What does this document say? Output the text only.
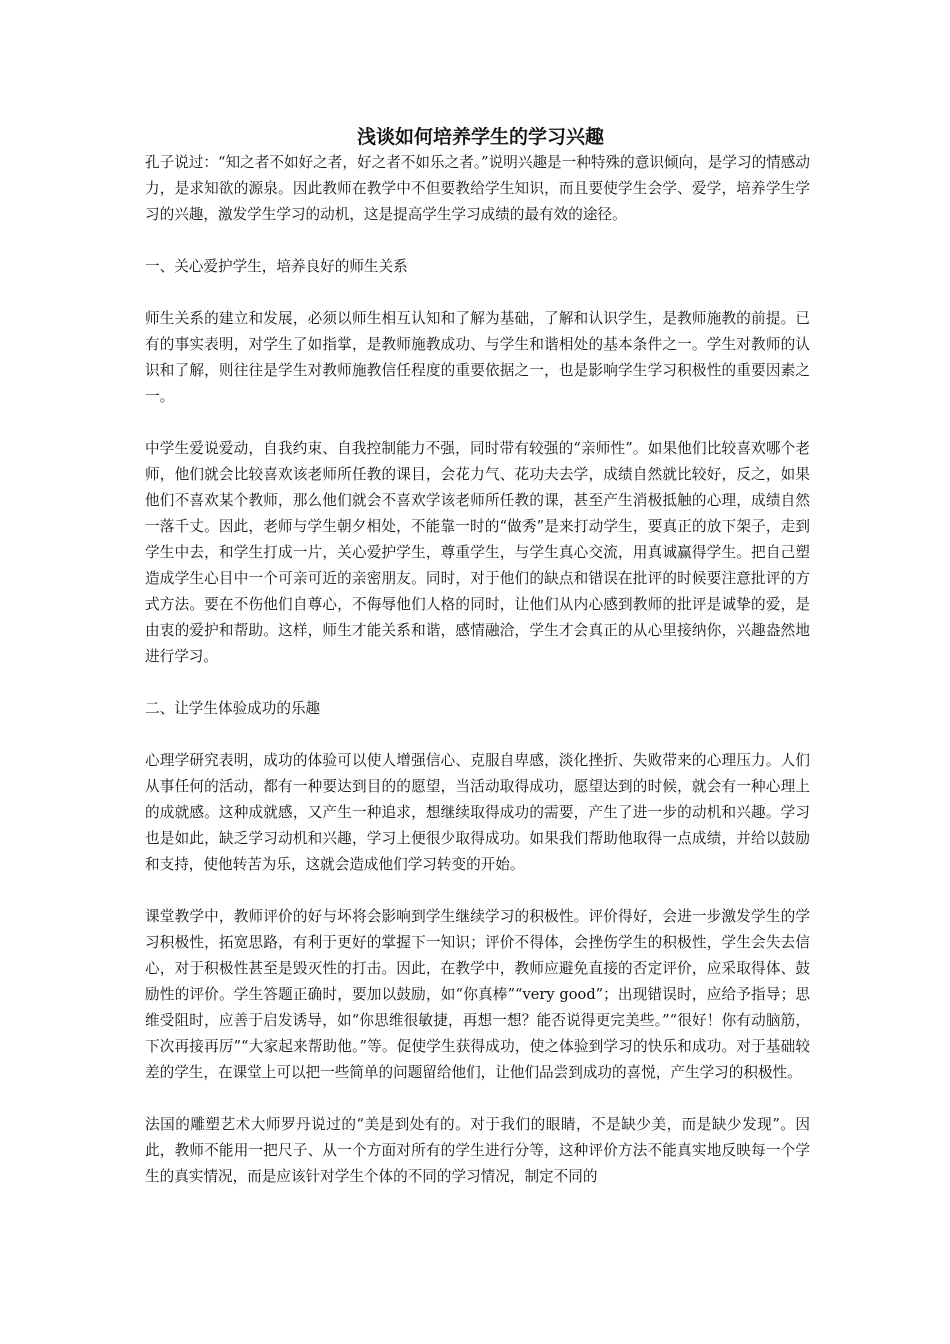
浅谈如何培养学生的学习兴趣

孔子说过：“知之者不如好之者，好之者不如乐之者。”说明兴趣是一种特殊的意识倾向，是学习的情感动力，是求知欲的源泉。因此教师在教学中不但要教给学生知识，而且要使学生会学、爱学，培养学生学习的兴趣，激发学生学习的动机，这是提高学生学习成绩的最有效的途径。

一、关心爱护学生，培养良好的师生关系

师生关系的建立和发展，必须以师生相互认知和了解为基础，了解和认识学生，是教师施教的前提。已有的事实表明，对学生了如指掌，是教师施教成功、与学生和谐相处的基本条件之一。学生对教师的认识和了解，则往往是学生对教师施教信任程度的重要依据之一，也是影响学生学习积极性的重要因素之一。

中学生爱说爱动，自我约束、自我控制能力不强，同时带有较强的“亲师性”。如果他们比较喜欢哪个老师，他们就会比较喜欢该老师所任教的课目，会花力气、花功夫去学，成绩自然就比较好，反之，如果他们不喜欢某个教师，那么他们就会不喜欢学该老师所任教的课，甚至产生消极抵触的心理，成绩自然一落千丈。因此，老师与学生朝夕相处，不能靠一时的“做秀”是来打动学生，要真正的放下架子，走到学生中去，和学生打成一片，关心爱护学生，尊重学生，与学生真心交流，用真诚赢得学生。把自己塑造成学生心目中一个可亲可近的亲密朋友。同时，对于他们的缺点和错误在批评的时候要注意批评的方式方法。要在不伤他们自尊心，不侮辱他们人格的同时，让他们从内心感到教师的批评是诚挚的爱，是由衷的爱护和帮助。这样，师生才能关系和谐，感情融洽，学生才会真正的从心里接纳你，兴趣盎然地进行学习。

二、让学生体验成功的乐趣

心理学研究表明，成功的体验可以使人增强信心、克服自卑感，淡化挫折、失败带来的心理压力。人们从事任何的活动，都有一种要达到目的的愿望，当活动取得成功，愿望达到的时候，就会有一种心理上的成就感。这种成就感，又产生一种追求，想继续取得成功的需要，产生了进一步的动机和兴趣。学习也是如此，缺乏学习动机和兴趣，学习上便很少取得成功。如果我们帮助他取得一点成绩，并给以鼓励和支持，使他转苦为乐，这就会造成他们学习转变的开始。

课堂教学中，教师评价的好与坏将会影响到学生继续学习的积极性。评价得好，会进一步激发学生的学习积极性，拓宽思路，有利于更好的掌握下一知识；评价不得体，会挫伤学生的积极性，学生会失去信心，对于积极性甚至是毁灭性的打击。因此，在教学中，教师应避免直接的否定评价，应采取得体、鼓励性的评价。学生答题正确时，要加以鼓励，如“你真棒”“very good”；出现错误时，应给予指导；思维受阻时，应善于启发诱导，如“你思维很敏捷，再想一想？能否说得更完美些。”“很好！你有动脑筋，下次再接再厉”“大家起来帮助他。”等。促使学生获得成功，使之体验到学习的快乐和成功。对于基础较差的学生，在课堂上可以把一些简单的问题留给他们，让他们品尝到成功的喜悦，产生学习的积极性。

法国的雕塑艺术大师罗丹说过的“美是到处有的。对于我们的眼睛，不是缺少美，而是缺少发现”。因此，教师不能用一把尺子、从一个方面对所有的学生进行分等，这种评价方法不能真实地反映每一个学生的真实情况，而是应该针对学生个体的不同的学习情况，制定不同的
